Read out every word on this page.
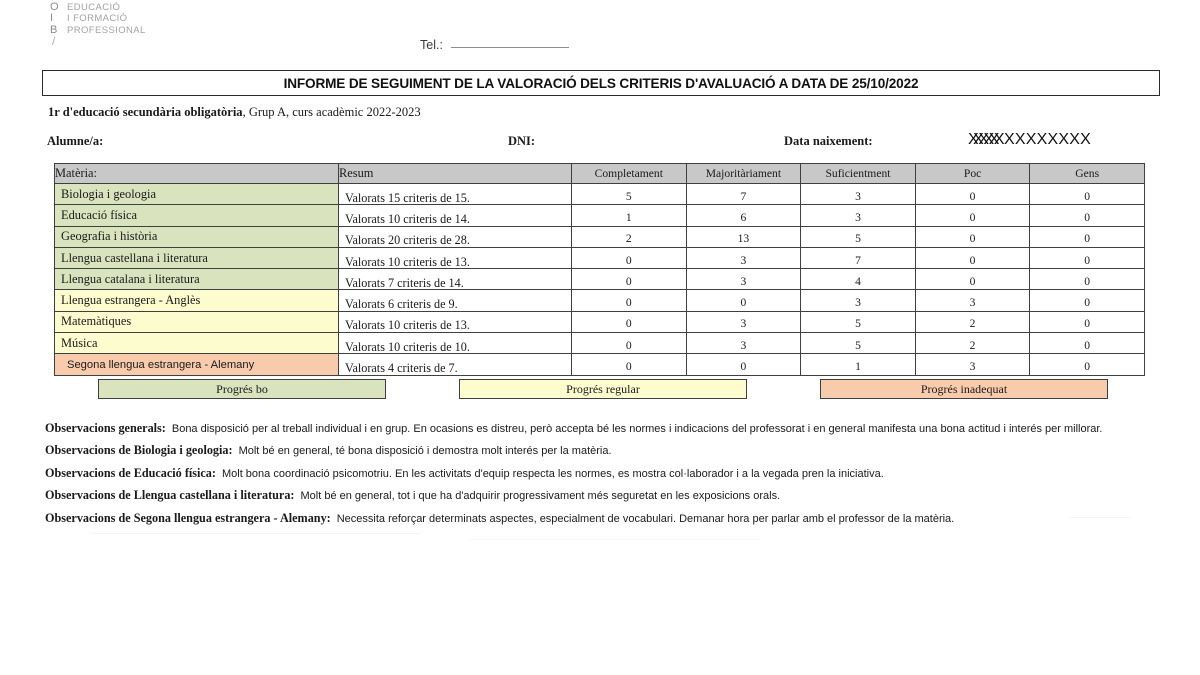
O EDUCACIÓ
I	I FORMACIÓ
B	PROFESSIONAL
/	Tel.:
INFORME DE SEGUIMENT DE LA VALORACIÓ DELS CRITERIS D'AVALUACIÓ A DATA DE 25/10/2022
1r d'educació secundària obligatòria, Grup A, curs acadèmic 2022-2023
Alumne/a:	DNI:	Data naixement:	XXXXXX XXXXXXXX
Matèria:	Resum	Completament	Majoritàriament	Suficientment	Poc	Gens
Biologia i geologia	Valorats 15 criteris de 15.	5	7	3	0	0
Educació física	Valorats 10 criteris de 14.	1	6	3	0	0
Geografia i història	Valorats 20 criteris de 28.	2	13	5	0	0
Llengua castellana i literatura	Valorats 10 criteris de 13.	0	3	7	0	0
Llengua catalana i literatura	Valorats 7 criteris de 14.	0	3	4	0	0
Llengua estrangera - Anglès	Valorats 6 criteris de 9.	0	0	3	3	0
Matemàtiques	Valorats 10 criteris de 13.	0	3	5	2	0
Música	Valorats 10 criteris de 10.	0	3	5	2	0
Segona llengua estrangera - Alemany	Valorats 4 criteris de 7.	0	0	1	3	0
Progrés bo	Progrés regular	Progrés inadequat
Observacions generals: Bona disposició per al treball individual i en grup. En ocasions es distreu, però accepta bé les normes i indicacions del professorat i en general manifesta una bona actitud i interés per millorar.
Observacions de Biologia i geologia: Molt bé en general, té bona disposició i demostra molt interés per la matèria.
Observacions de Educació física: Molt bona coordinació psicomotriu. En les activitats d'equip respecta les normes, es mostra col·laborador i a la vegada pren la iniciativa.
Observacions de Llengua castellana i literatura: Molt bé en general, tot i que ha d'adquirir progressivament més seguretat en les exposicions orals.
Observacions de Segona llengua estrangera - Alemany: Necessita reforçar determinats aspectes, especialment de vocabulari. Demanar hora per parlar amb el professor de la matèria.
